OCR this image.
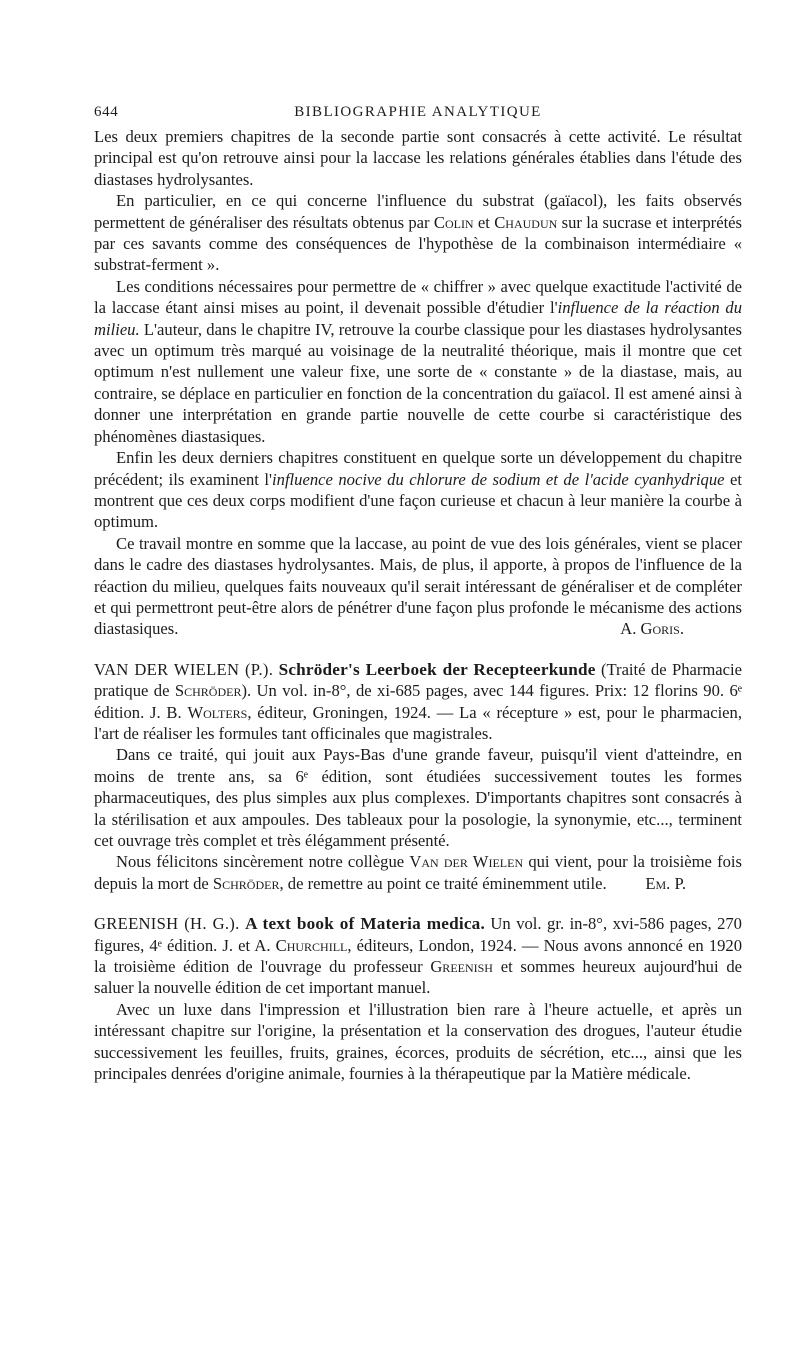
644	BIBLIOGRAPHIE ANALYTIQUE

Les deux premiers chapitres de la seconde partie sont consacrés à cette activité. Le résultat principal est qu'on retrouve ainsi pour la laccase les relations générales établies dans l'étude des diastases hydrolysantes.

En particulier, en ce qui concerne l'influence du substrat (gaïacol), les faits observés permettent de généraliser des résultats obtenus par Colin et Chaudun sur la sucrase et interprétés par ces savants comme des conséquences de l'hypothèse de la combinaison intermédiaire « substrat-ferment ».

Les conditions nécessaires pour permettre de « chiffrer » avec quelque exactitude l'activité de la laccase étant ainsi mises au point, il devenait possible d'étudier l'influence de la réaction du milieu. L'auteur, dans le chapitre IV, retrouve la courbe classique pour les diastases hydrolysantes avec un optimum très marqué au voisinage de la neutralité théorique, mais il montre que cet optimum n'est nullement une valeur fixe, une sorte de « constante » de la diastase, mais, au contraire, se déplace en particulier en fonction de la concentration du gaïacol. Il est amené ainsi à donner une interprétation en grande partie nouvelle de cette courbe si caractéristique des phénomènes diastasiques.

Enfin les deux derniers chapitres constituent en quelque sorte un développement du chapitre précédent; ils examinent l'influence nocive du chlorure de sodium et de l'acide cyanhydrique et montrent que ces deux corps modifient d'une façon curieuse et chacun à leur manière la courbe à optimum.

Ce travail montre en somme que la laccase, au point de vue des lois générales, vient se placer dans le cadre des diastases hydrolysantes. Mais, de plus, il apporte, à propos de l'influence de la réaction du milieu, quelques faits nouveaux qu'il serait intéressant de généraliser et de compléter et qui permettront peut-être alors de pénétrer d'une façon plus profonde le mécanisme des actions diastasiques.	A. Goris.

VAN DER WIELEN (P.). Schröder's Leerboek der Recepteerkunde (Traité de Pharmacie pratique de Schröder). Un vol. in-8°, de xi-685 pages, avec 144 figures. Prix: 12 florins 90. 6ᵉ édition. J. B. Wolters, éditeur, Groningen, 1924. — La « récepture » est, pour le pharmacien, l'art de réaliser les formules tant officinales que magistrales.

Dans ce traité, qui jouit aux Pays-Bas d'une grande faveur, puisqu'il vient d'atteindre, en moins de trente ans, sa 6ᵉ édition, sont étudiées successivement toutes les formes pharmaceutiques, des plus simples aux plus complexes. D'importants chapitres sont consacrés à la stérilisation et aux ampoules. Des tableaux pour la posologie, la synonymie, etc..., terminent cet ouvrage très complet et très élégamment présenté.

Nous félicitons sincèrement notre collègue Van der Wielen qui vient, pour la troisième fois depuis la mort de Schröder, de remettre au point ce traité éminemment utile.	Em. P.

GREENISH (H. G.). A text book of Materia medica. Un vol. gr. in-8°, xvi-586 pages, 270 figures, 4ᵉ édition. J. et A. Churchill, éditeurs, London, 1924. — Nous avons annoncé en 1920 la troisième édition de l'ouvrage du professeur Greenish et sommes heureux aujourd'hui de saluer la nouvelle édition de cet important manuel.

Avec un luxe dans l'impression et l'illustration bien rare à l'heure actuelle, et après un intéressant chapitre sur l'origine, la présentation et la conservation des drogues, l'auteur étudie successivement les feuilles, fruits, graines, écorces, produits de sécrétion, etc..., ainsi que les principales denrées d'origine animale, fournies à la thérapeutique par la Matière médicale.
